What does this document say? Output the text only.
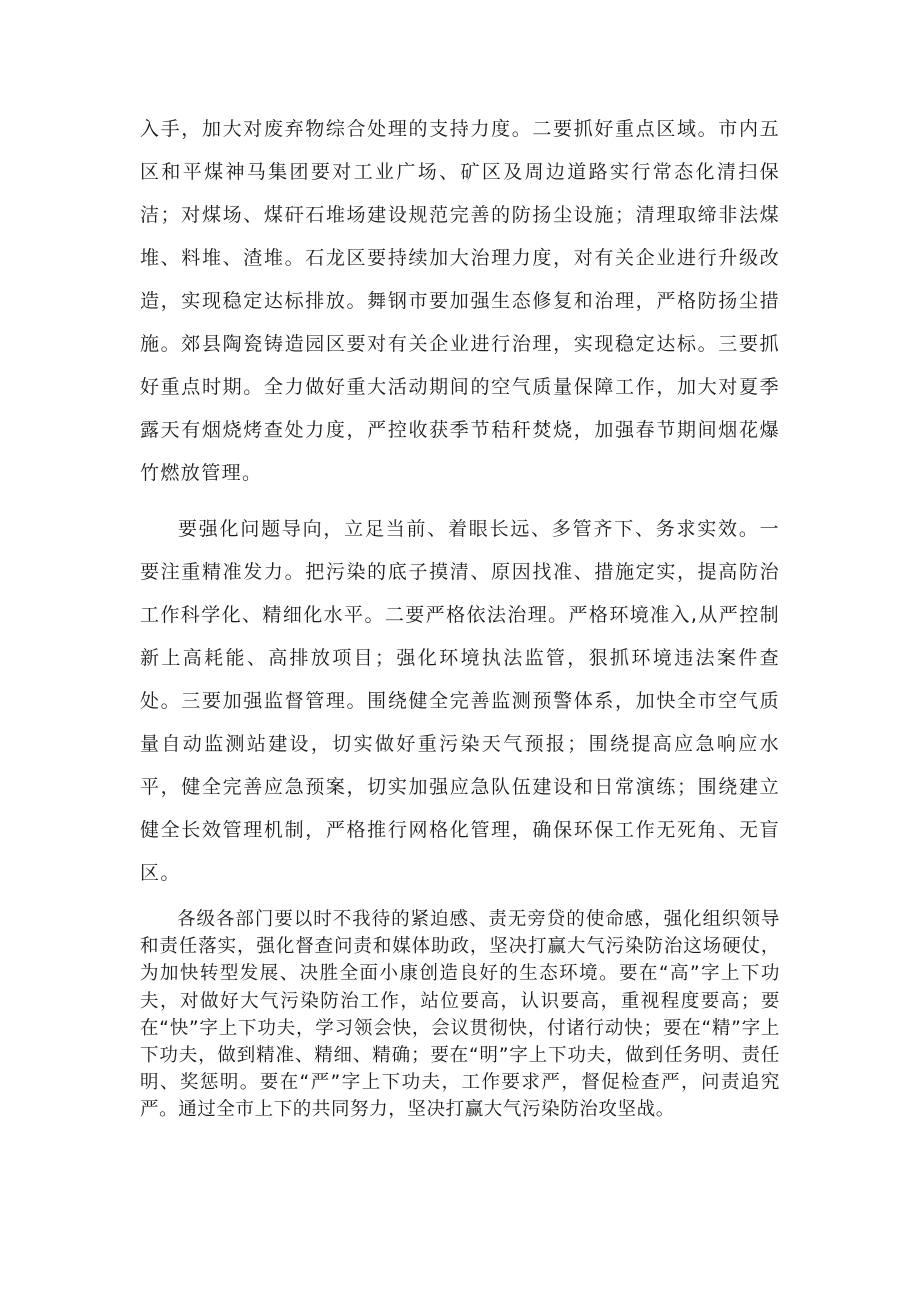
入手，加大对废弃物综合处理的支持力度。二要抓好重点区域。市内五区和平煤神马集团要对工业广场、矿区及周边道路实行常态化清扫保洁；对煤场、煤矸石堆场建设规范完善的防扬尘设施；清理取缔非法煤堆、料堆、渣堆。石龙区要持续加大治理力度，对有关企业进行升级改造，实现稳定达标排放。舞钢市要加强生态修复和治理，严格防扬尘措施。郊县陶瓷铸造园区要对有关企业进行治理，实现稳定达标。三要抓好重点时期。全力做好重大活动期间的空气质量保障工作，加大对夏季露天有烟烧烤查处力度，严控收获季节秸秆焚烧，加强春节期间烟花爆竹燃放管理。

要强化问题导向，立足当前、着眼长远、多管齐下、务求实效。一要注重精准发力。把污染的底子摸清、原因找准、措施定实，提高防治工作科学化、精细化水平。二要严格依法治理。严格环境准入,从严控制新上高耗能、高排放项目；强化环境执法监管，狠抓环境违法案件查处。三要加强监督管理。围绕健全完善监测预警体系，加快全市空气质量自动监测站建设，切实做好重污染天气预报；围绕提高应急响应水平，健全完善应急预案，切实加强应急队伍建设和日常演练；围绕建立健全长效管理机制，严格推行网格化管理，确保环保工作无死角、无盲区。

各级各部门要以时不我待的紧迫感、责无旁贷的使命感，强化组织领导和责任落实，强化督查问责和媒体助政，坚决打赢大气污染防治这场硬仗，为加快转型发展、决胜全面小康创造良好的生态环境。要在“高”字上下功夫，对做好大气污染防治工作，站位要高，认识要高，重视程度要高；要在“快”字上下功夫，学习领会快，会议贯彻快，付诸行动快；要在“精”字上下功夫，做到精准、精细、精确；要在“明”字上下功夫，做到任务明、责任明、奖惩明。要在“严”字上下功夫，工作要求严，督促检查严，问责追究严。通过全市上下的共同努力，坚决打赢大气污染防治攻坚战。
